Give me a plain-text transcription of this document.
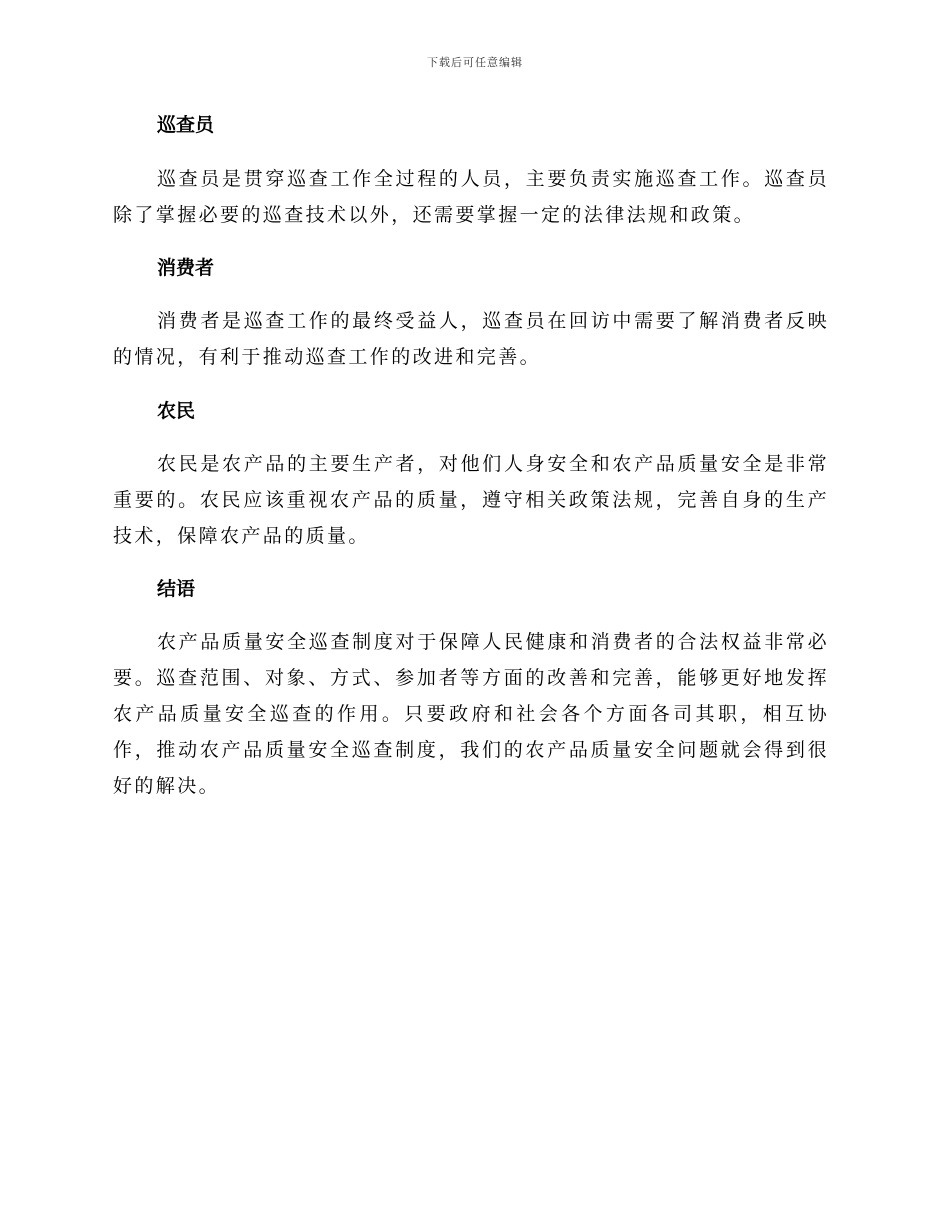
下载后可任意编辑
巡查员

巡查员是贯穿巡查工作全过程的人员，主要负责实施巡查工作。巡查员除了掌握必要的巡查技术以外，还需要掌握一定的法律法规和政策。

消费者

消费者是巡查工作的最终受益人，巡查员在回访中需要了解消费者反映的情况，有利于推动巡查工作的改进和完善。

农民

农民是农产品的主要生产者，对他们人身安全和农产品质量安全是非常重要的。农民应该重视农产品的质量，遵守相关政策法规，完善自身的生产技术，保障农产品的质量。

结语

农产品质量安全巡查制度对于保障人民健康和消费者的合法权益非常必要。巡查范围、对象、方式、参加者等方面的改善和完善，能够更好地发挥农产品质量安全巡查的作用。只要政府和社会各个方面各司其职，相互协作，推动农产品质量安全巡查制度，我们的农产品质量安全问题就会得到很好的解决。
